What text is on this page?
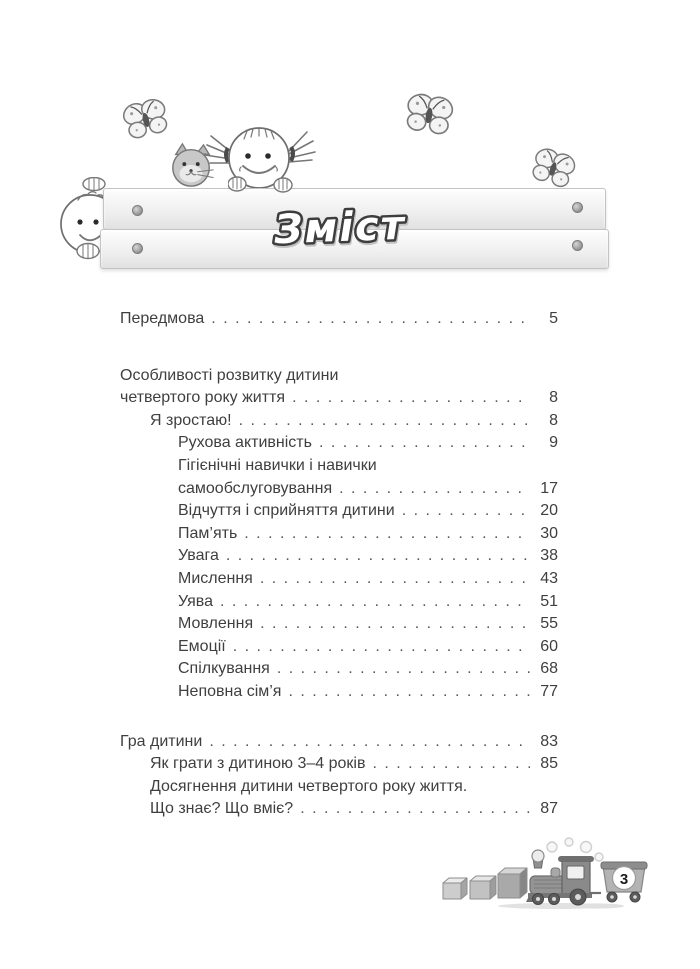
Зміст
Передмова . . .	5
Особливості розвитку дитини
четвертого року життя . . .	8
Я зростаю! . . .	8
Рухова активність . . .	9
Гігієнічні навички і навички
самообслуговування . . .	17
Відчуття і сприйняття дитини . . .	20
Пам’ять . . .	30
Увага . . .	38
Мислення . . .	43
Уява . . .	51
Мовлення . . .	55
Емоції . . .	60
Спілкування . . .	68
Неповна сім’я . . .	77
Гра дитини . . .	83
Як грати з дитиною 3–4 років . . .	85
Досягнення дитини четвертого року життя.
Що знає? Що вміє? . . .	87
3
